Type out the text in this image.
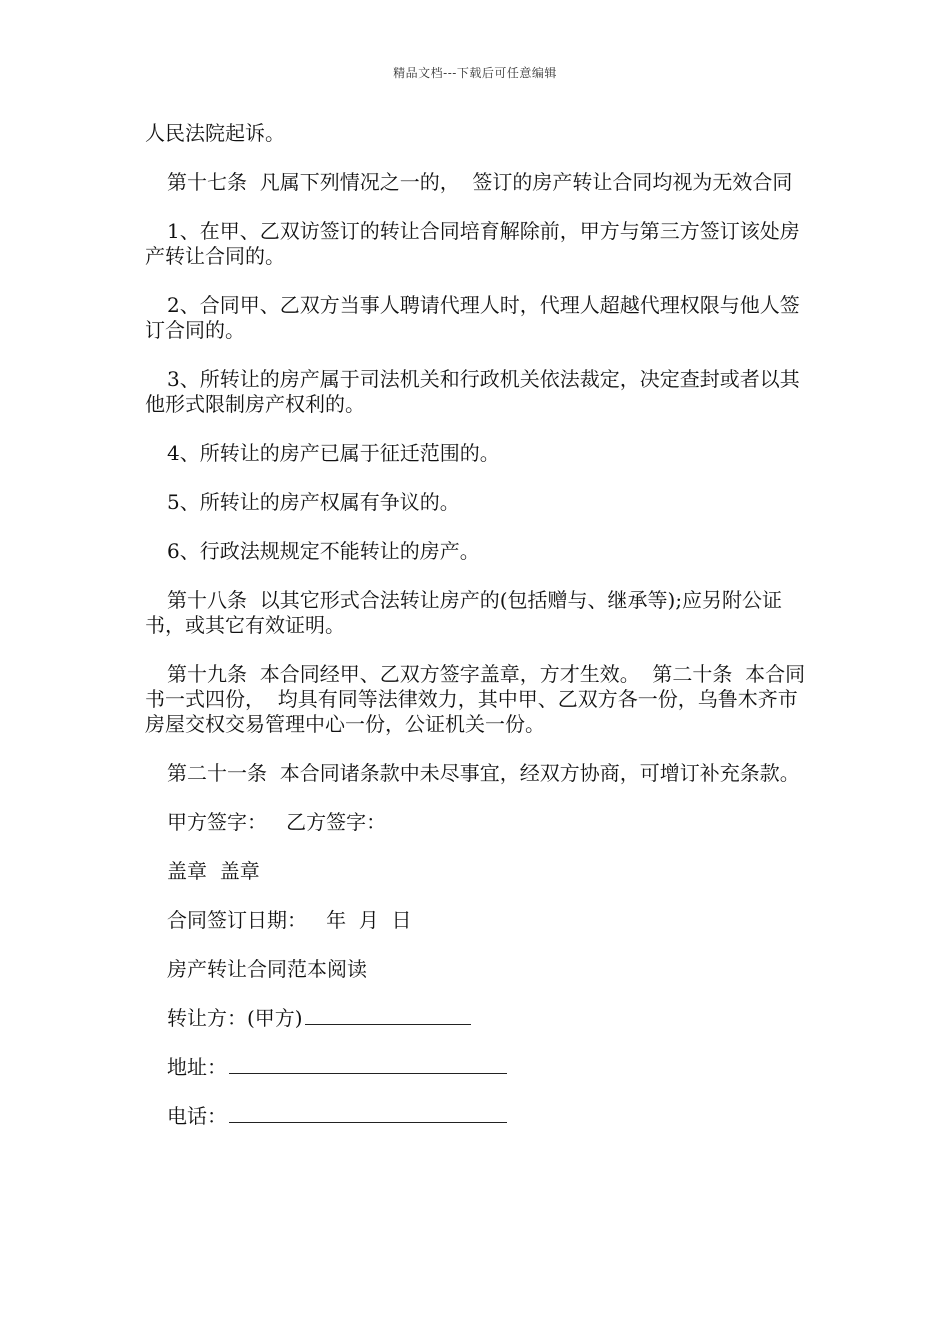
精品文档---下载后可任意编辑

人民法院起诉。

第十七条  凡属下列情况之一的，  签订的房产转让合同均视为无效合同

1、在甲、乙双访签订的转让合同培育解除前，甲方与第三方签订该处房产转让合同的。

2、合同甲、乙双方当事人聘请代理人时，代理人超越代理权限与他人签订合同的。

3、所转让的房产属于司法机关和行政机关依法裁定，决定查封或者以其他形式限制房产权利的。

4、所转让的房产已属于征迁范围的。

5、所转让的房产权属有争议的。

6、行政法规规定不能转让的房产。

第十八条  以其它形式合法转让房产的(包括赠与、继承等);应另附公证书，或其它有效证明。

第十九条  本合同经甲、乙双方签字盖章，方才生效。  第二十条  本合同书一式四份，  均具有同等法律效力，其中甲、乙双方各一份，乌鲁木齐市房屋交权交易管理中心一份，公证机关一份。

第二十一条  本合同诸条款中未尽事宜，经双方协商，可增订补充条款。

甲方签字：   乙方签字：

盖章  盖章

合同签订日期：   年  月  日

房产转让合同范本阅读

转让方：(甲方)
地址：
电话：
